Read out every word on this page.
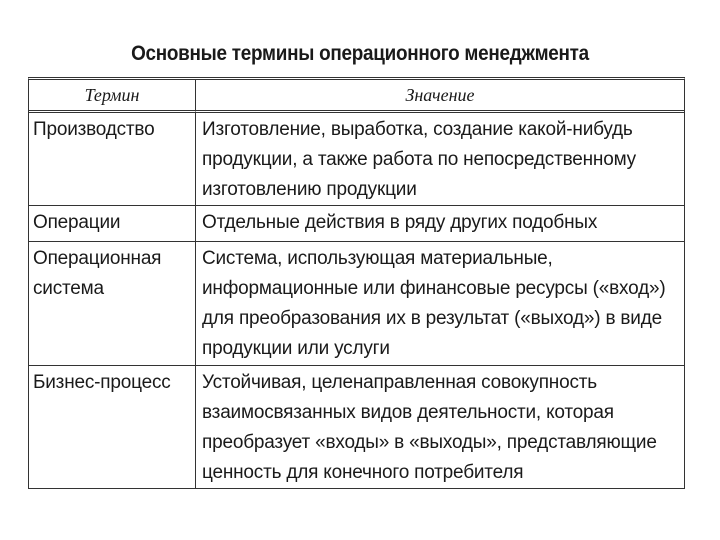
Основные термины операционного менеджмента
Термин	Значение
Производство	Изготовление, выработка, создание какой-нибудь продукции, а также работа по непосредственному изготовлению продукции
Операции	Отдельные действия в ряду других подобных
Операционная система	Система, использующая материальные, информационные или финансовые ресурсы («вход») для преобразования их в результат («выход») в виде продукции или услуги
Бизнес-процесс	Устойчивая, целенаправленная совокупность взаимосвязанных видов деятельности, которая преобразует «входы» в «выходы», представляющие ценность для конечного потребителя
